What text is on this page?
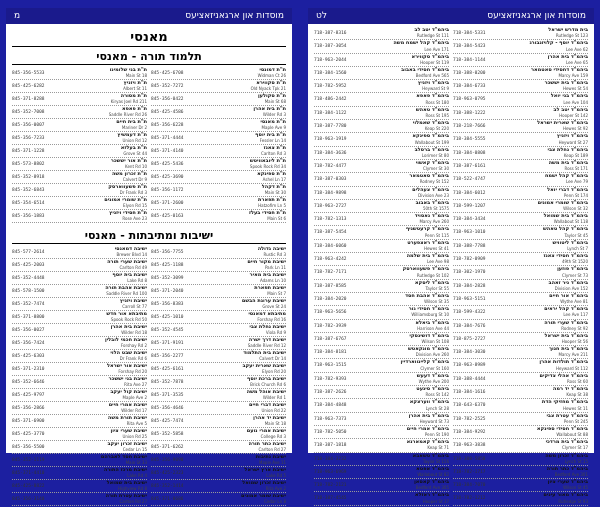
מוסדות און ארגאניזאציעס
מ
מאנסי
תלמוד תורה - מאנסי
845-356-5533
ת"ת בני שלומינו
18 Main St
845-425-6282
ת"ת ויזניץ
11 Albert St
845-371-8288
ת"ת מסורה
211 Kiryas Joel Rd
845-352-7008
ת"ת פאפא
26 Saddle River Rd
845-356-0007
ת"ת בית חיים
2 Mariner Dr
845-356-7233
ת"ת דעמשיץ
12 Union Rd
845-371-1228
ת"ת בעלזא
44 Grove St
845-573-8802
ת"ת אור יששכר
10 Kent Rd
845-352-8918
ת"ת זכרון משה
9 Calvert Dr
845-352-6843
ת"ת פשעווארסק
3 Dr Frank Rd
845-354-6514
ת"ת שומרי אמונים
15 Elyon Rd
845-356-1883
ת"ת חסידי ויזניץ
23 Rose Ave
845-425-6708
ת"ת דמונסי
26 Widman Ct
845-352-7272
ת"ת סקווירא
21 Old Nyack Tpk
845-356-0422
ת"ת סקולען
68 Main St
845-425-4586
ת"ת בית אהרן
3 Wilder Rd
845-356-6228
ת"ת מאנסי
9 Maple Ave
845-371-4444
ת"ת בית יוסף
14 Fessler Ln
845-371-4140
ת"ת צאנז
3 Carlton Rd
845-425-5436
ת"ת ליובאוויטש
34 Spook Rock Rd
845-425-3690
ת"ת ספינקא
17 Ashel Ln
845-356-1172
ת"ת דקהל
30 Main St
845-371-2600
ת"ת תפארת
5 Hatzofim Ln
845-425-0163
ת"ת חסידי בעלז
6 Main St
ישיבות ומתיבתות - מאנסי
845-577-2614
ישיבה דמאנסי
14 Brewer Blvd
845-425-2003
ישיבת שערי תורה
49 Carlton Rd
845-352-4448
ישיבת בית יוסף
8 Lake Rd
845-578-1500
ישיבת אהבת תורה
100 Saddle River Rd
845-352-7474
ישיבת ויזניץ
77 Carroll St
845-371-8800
מתיבתא אור חדש
50 Spook Rock Rd
845-356-0027
ישיבת בית אהרן
18 Wilder Rd
845-356-7424
ישיבת חכמי לובלין
2 Forshay Rd
845-425-6303
ישיבת שבט הלוי
6 Dr Frank Rd
845-371-2310
ישיבת אור ישראל
20 Forshay Rd
845-352-6646
ישיבת בני יששכר
27 Rita Ave
845-425-9797
ישיבת קול יעקב
2 Maple Ave
845-356-2866
ישיבת אמרי חיים
17 Wilder Rd
845-371-6900
ישיבת תורת משה
5 Rita Ave
845-425-3770
ישיבת שערי ציון
25 Union Rd
845-356-5500
ישיבת זכרון יעקב
15 Cedar Ln
845-352-1119
ישיבת חסד לאברהם
33 Main St
845-371-4410
ישיבת מרכז התורה
4 Lake Rd
845-425-8822
ישיבת בית שמואל
8 Highview Rd
845-356-3140
ישיבת עטרת תורה
27 Carlton Rd
845-356-7755
ישיבה גדולה
3 Rustic Rd
845-425-1188
ישיבת מקור חיים
11 Park Ln
845-352-3099
ישיבת בית מאיר
10 Adams Ln
845-371-2040
ישיבת תפארת
7 Main St
845-356-8383
ישיבת ערוגת הבשם
24 Grove St
845-425-1010
מתיבתא דמאנסי
16 Forshay Rd
845-352-4545
ישיבת נחלת צבי
9 Viola Rd
845-371-9191
ישיבת דרך ישרה
12 Saddle River Rd
845-356-2277
ישיבת בית התלמוד
14 Calvert Dr
845-425-6161
ישיבת שארית יעקב
20 Elyon Rd
845-352-7878
ישיבת ברכת יוסף
6 Brick Church Rd
845-371-3535
ישיבת אוהל משה
1 Wilder Rd
845-356-4646
ישיבת דברי חיים
22 Union Rd
845-425-7474
ישיבת יד אהרן
18 Main St
845-352-5858
ישיבת אמרי נועם
3 College Rd
845-371-6262
ישיבת כתר תורה
27 Carlton Rd
845-356-9090
ישיבת נתיבות
11 Maple Ave
845-425-2323
ישיבת ארץ ישראל
5 Lake Rd
845-352-1414
ישיבת זכרון שמואל
2 Rita Ave
845-371-8686
ישיבת שומר אמונים
8 Cedar Ln
מוסדות און ארגאניזאציעס
לט
718-387-8316
ביהמ"ד יטב לב
111 Rutledge St
718-387-3054
ביהמ"ד קהל ישמח משה
171 Lee Ave
718-963-2044
ביהמ"ד סקווירא
119 Hooper St
718-384-1560
ביהמ"ד חסידי באבוב
565 Bedford Ave
718-782-5952
ביהמ"ד ויזניץ
9 Heyward St
718-486-2442
ביהמ"ד פאפא
180 Ross St
718-384-1122
ביהמ"ד טאהש
195 Ross St
718-387-7780
ביהמ"ד שאמלוי
220 Keap St
718-963-1919
ביהמ"ד ספינקא
199 Wallabout St
718-384-3636
ביהמ"ד ברסלב
80 Lorimer St
718-782-4477
ביהמ"ד קאשוי
30 Clymer St
718-387-0303
ביהמ"ד סאטמאר
152 Rodney St
718-384-9898
ביהמ"ד צעהלים
23 Division Ave
718-963-2727
ביהמ"ד באבוב
1575 50th St
718-782-1313
ביהמ"ד נאסויד
260 Marcy Ave
718-387-5454
ביהמ"ד קרעטשניף
115 Penn St
718-384-6060
ביהמ"ד ראצפערט
41 Hewes St
718-963-4242
ביהמ"ד בית שלמה
98 Lee Ave
718-782-7171
ביהמ"ד פשעווארסק
102 Rutledge St
718-387-8585
ביהמ"ד ליסקא
55 Taylor St
718-384-2020
ביהמ"ד אהבת חסד
35 Wilson St
718-963-5656
ביהמ"ד חסידי גור
10 Williamsburg St
718-782-3939
ביהמ"ד ביאלא
44 Harrison Ave
718-387-6767
ביהמ"ד דושינסקי
108 Wilson St
718-384-8181
ביהמ"ד מונקאטש
260 Division Ave
718-963-1515
ביהמ"ד קליינווארדיין
160 Clymer St
718-782-9393
ביהמ"ד דעעש
200 Wythe Ave
718-387-2626
ביהמ"ד סיגעט
142 Ross St
718-384-4848
ביהמ"ד ווערצקא
28 Lynch St
718-963-7373
ביהמ"ד בית אהרן
73 Heyward St
718-782-5050
ביהמ"ד אמרי חיים
190 Penn St
718-387-1818
ביהמ"ד קאמארנא
71 Keap St
718-384-3232
ביהמ"ד טשאבא
156 Taylor St
718-963-6969
ביהמ"ד אפטא
82 Wallabout St
718-782-2121
ביהמ"ד קאסאן
305 Bedford Ave
718-387-4545
ביהמ"ד ראזלא
17 Hooper St
718-384-5331
בית מדרש ישראל
123 Rutledge St
718-384-5423
ביהמ"ד יוסף - קלויזנבורג
62 Lee Ave
718-384-1144
ביהמ"ד בית אהרן
65 Lee Ave
718-388-0200
ביהמ"ד דחסידי סאטמאר
159 Marcy Ave
718-384-6733
ביהמ"ד בית יששכר
54 Hewes St
718-963-0795
ביהמ"ד בני יואל
104 Lee Ave
718-388-1222
ביהמ"ד יטב לב
142 Hooper St
718-218-7666
ביהמ"ד שארית ישראל
92 Hewes St
718-384-5555
ביהמ"ד ויזניץ
27 Heyward St
718-384-0808
ביהמ"ד נחלת צבי
189 Keap St
718-387-6161
ביהמ"ד בית משה
171 Ross St
718-522-4747
ביהמ"ד קהל ישמח
79 Lee Ave
718-384-6012
ביהמ"ד דברי יואל
174 Penn St
718-599-1207
ביהמ"ד שומרי אמונים
32 Wilson St
718-384-3434
ביהמ"ד בית שמואל
118 Wallabout St
718-963-1010
ביהמ"ד קהל טאהש
45 Taylor St
718-388-7788
ביהמ"ד ליטוויש
7 Lynch St
718-782-0909
ביהמ"ד חסידי צאנז
1520 49th St
718-302-1970
ביהמ"ד פוזען
73 Clymer St
718-384-2828
ביהמ"ד ניר זאהב
152 Division Ave
718-963-5151
ביהמ"ד אור חיים
81 Wythe Ave
718-599-4322
ביהמ"ד קהל יראים
117 Lee Ave
718-384-7676
ביהמ"ד שערי תורה
92 Rodney St
718-875-2727
ביהמ"ד בית ישראל
56 Hooper St
718-384-3030
ביהמ"ד בית חנוך
211 Marcy Ave
718-963-8989
ביהמ"ד תולדות אהרן
112 Heyward St
718-388-4444
ביהמ"ד אהלי צדיקים
60 Ross St
718-384-1616
ביהמ"ד יד רמה
38 Keap St
718-643-6370
ביהמ"ד מחזיקי הדת
11 Hewes St
718-782-2525
ביהמ"ד עטרת צבי
245 Penn St
718-384-9292
ביהמ"ד חסידי ספינקא
88 Wallabout St
718-963-3838
ביהמ"ד בית מרדכי
17 Clymer St
718-388-5858
ביהמ"ד זכרון משה
15 Lynch St
718-782-1717
ביהמ"ד כתר תורה
301 Bedford Ave
718-384-7070
ביהמ"ד שערי ציון
45 Wilson St
718-782-1212
ביהמ"ד מאור עינים
93 Rutledge St
